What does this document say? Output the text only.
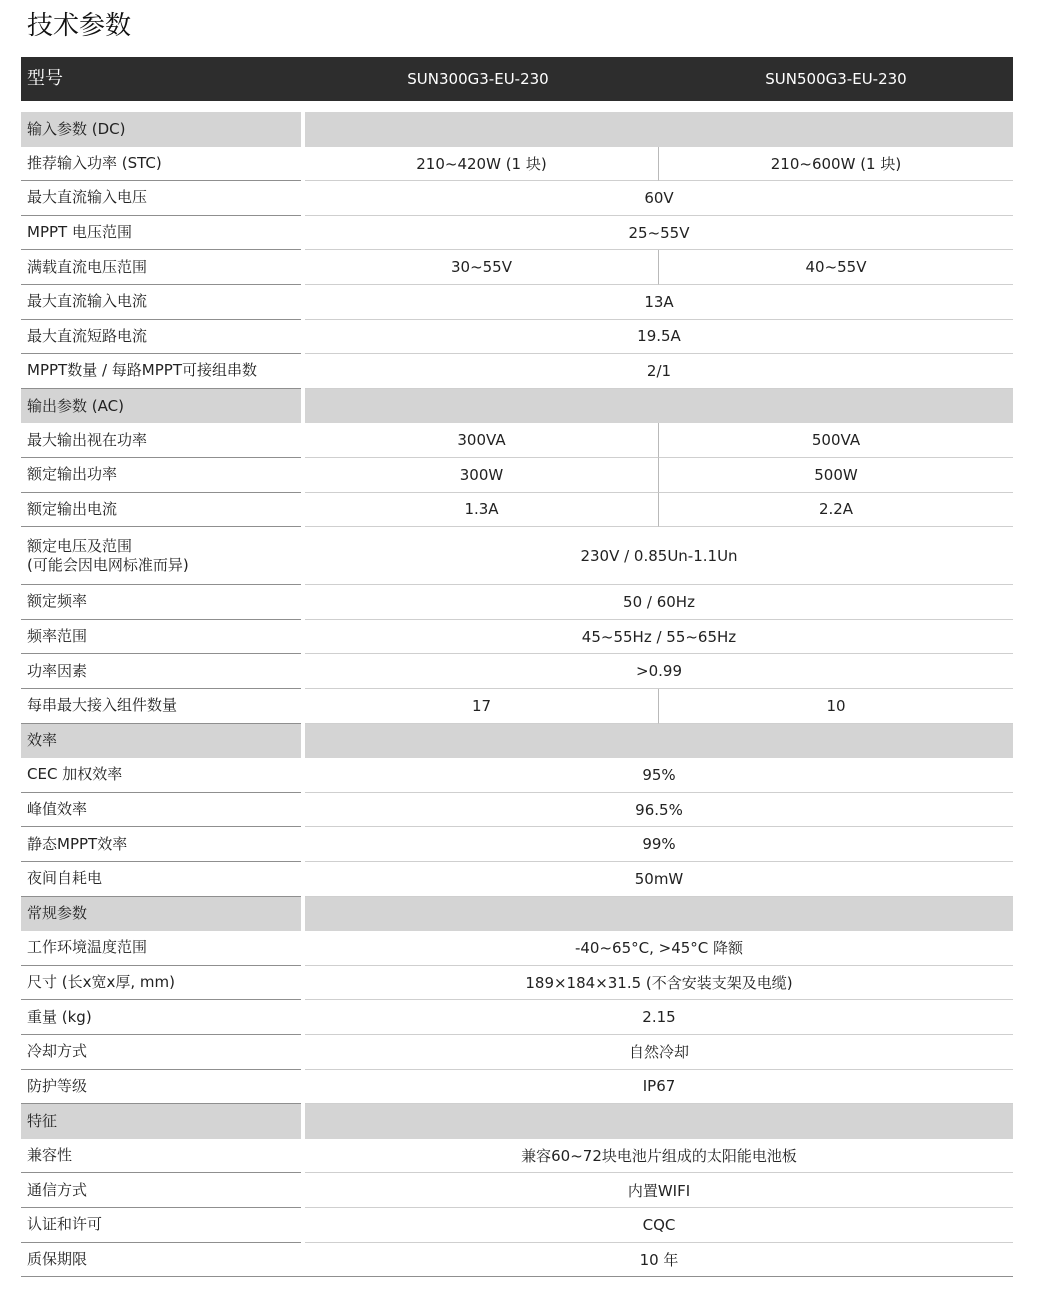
技术参数
型号	SUN300G3-EU-230	SUN500G3-EU-230
输入参数 (DC)
推荐输入功率 (STC)	210~420W (1 块)	210~600W (1 块)
最大直流输入电压	60V
MPPT 电压范围	25~55V
满载直流电压范围	30~55V	40~55V
最大直流输入电流	13A
最大直流短路电流	19.5A
MPPT数量 / 每路MPPT可接组串数	2/1
输出参数 (AC)
最大输出视在功率	300VA	500VA
额定输出功率	300W	500W
额定输出电流	1.3A	2.2A
额定电压及范围
(可能会因电网标准而异)	230V / 0.85Un-1.1Un
额定频率	50 / 60Hz
频率范围	45~55Hz / 55~65Hz
功率因素	>0.99
每串最大接入组件数量	17	10
效率
CEC 加权效率	95%
峰值效率	96.5%
静态MPPT效率	99%
夜间自耗电	50mW
常规参数
工作环境温度范围	-40~65°C, >45°C 降额
尺寸 (长x宽x厚, mm)	189×184×31.5 (不含安装支架及电缆)
重量 (kg)	2.15
冷却方式	自然冷却
防护等级	IP67
特征
兼容性	兼容60~72块电池片组成的太阳能电池板
通信方式	内置WIFI
认证和许可	CQC
质保期限	10 年
